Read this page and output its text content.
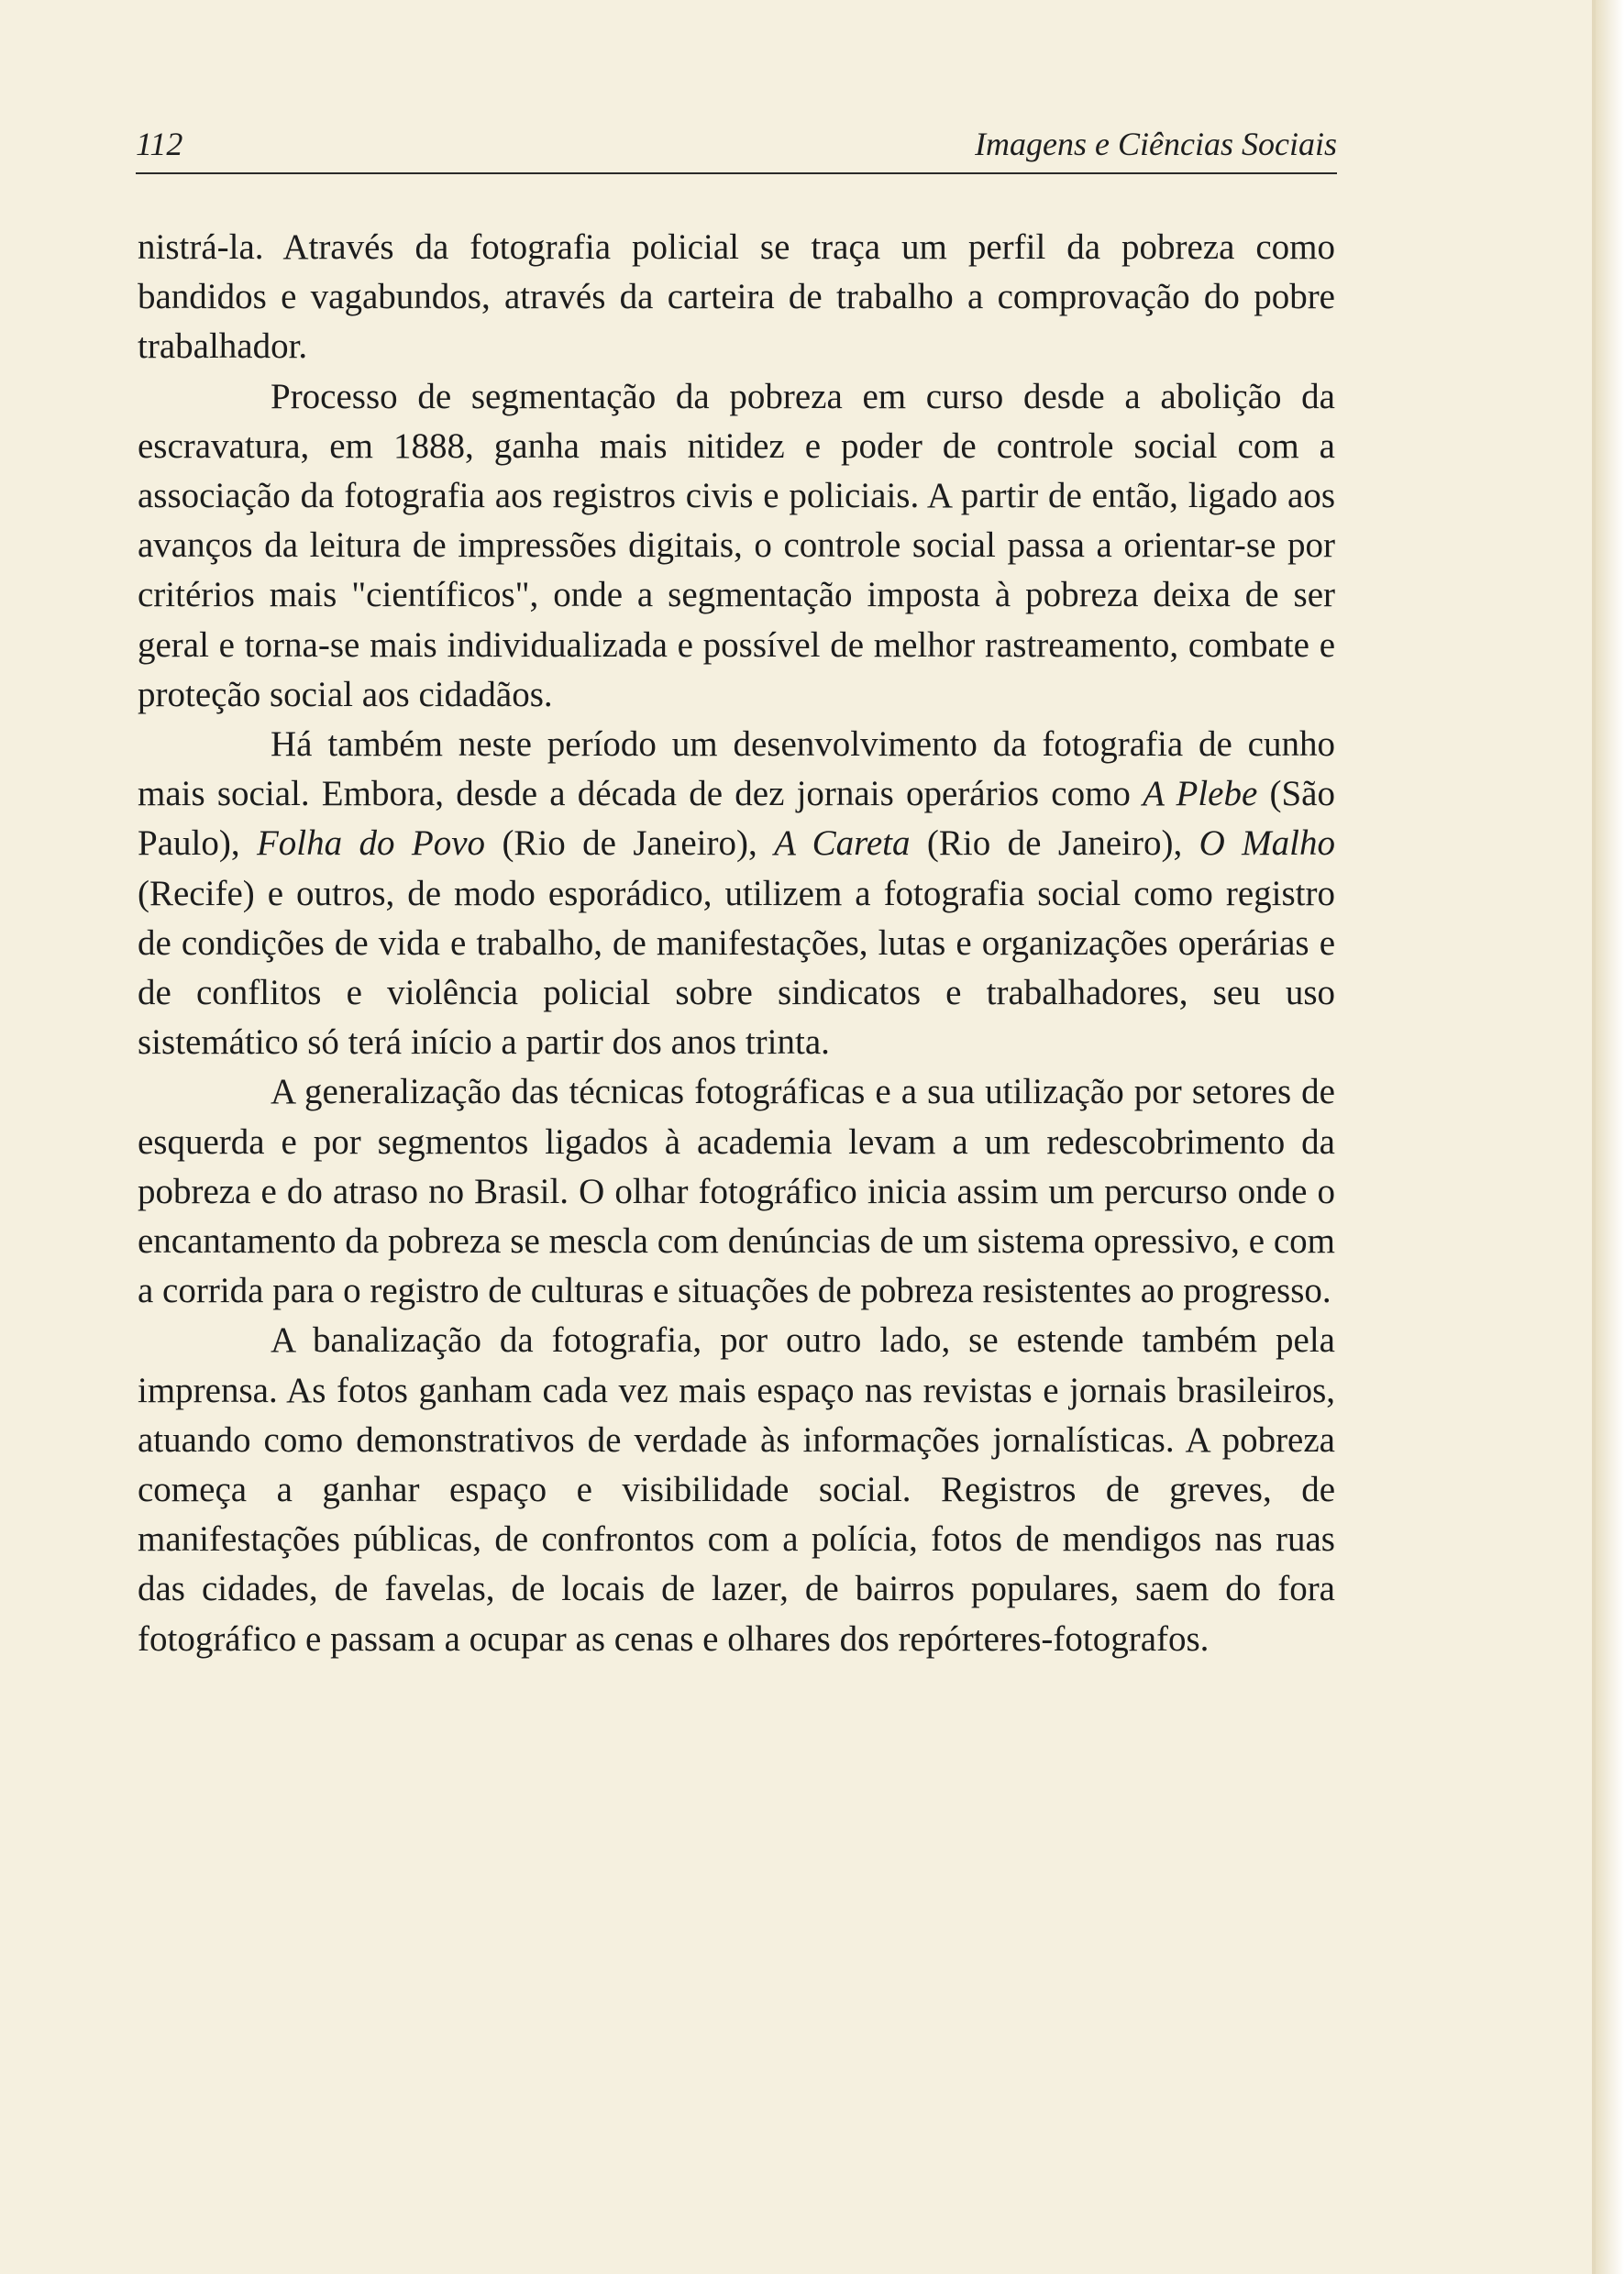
112	Imagens e Ciências Sociais

nistrá-la. Através da fotografia policial se traça um perfil da pobreza como bandidos e vagabundos, através da carteira de trabalho a comprovação do pobre trabalhador.

Processo de segmentação da pobreza em curso desde a abolição da escravatura, em 1888, ganha mais nitidez e poder de controle social com a associação da fotografia aos registros civis e policiais. A partir de então, ligado aos avanços da leitura de impressões digitais, o controle social passa a orientar-se por critérios mais "científicos", onde a segmentação imposta à pobreza deixa de ser geral e torna-se mais individualizada e possível de melhor rastreamento, combate e proteção social aos cidadãos.

Há também neste período um desenvolvimento da fotografia de cunho mais social. Embora, desde a década de dez jornais operários como A Plebe (São Paulo), Folha do Povo (Rio de Janeiro), A Careta (Rio de Janeiro), O Malho (Recife) e outros, de modo esporádico, utilizem a fotografia social como registro de condições de vida e trabalho, de manifestações, lutas e organizações operárias e de conflitos e violência policial sobre sindicatos e trabalhadores, seu uso sistemático só terá início a partir dos anos trinta.

A generalização das técnicas fotográficas e a sua utilização por setores de esquerda e por segmentos ligados à academia levam a um redescobrimento da pobreza e do atraso no Brasil. O olhar fotográfico inicia assim um percurso onde o encantamento da pobreza se mescla com denúncias de um sistema opressivo, e com a corrida para o registro de culturas e situações de pobreza resistentes ao progresso.

A banalização da fotografia, por outro lado, se estende também pela imprensa. As fotos ganham cada vez mais espaço nas revistas e jornais brasileiros, atuando como demonstrativos de verdade às informações jornalísticas. A pobreza começa a ganhar espaço e visibilidade social. Registros de greves, de manifestações públicas, de confrontos com a polícia, fotos de mendigos nas ruas das cidades, de favelas, de locais de lazer, de bairros populares, saem do fora fotográfico e passam a ocupar as cenas e olhares dos repórteres-fotografos.
